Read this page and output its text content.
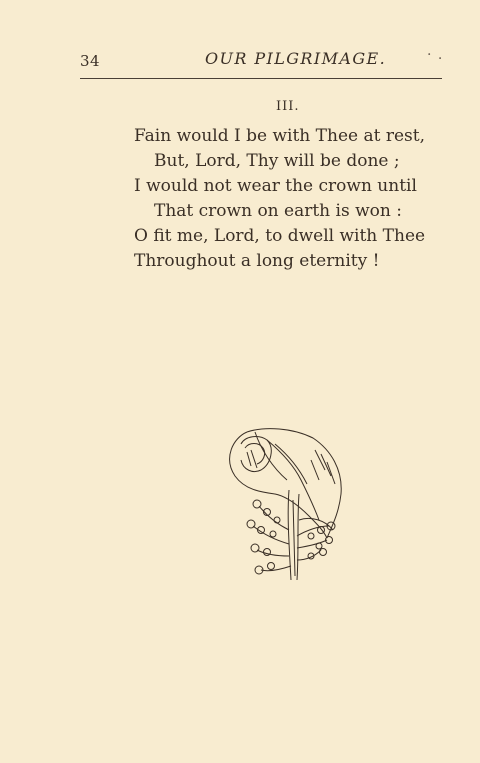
34	OUR PILGRIMAGE.	· .
III.
Fain would I be with Thee at rest,
But, Lord, Thy will be done ;
I would not wear the crown until
That crown on earth is won :
O fit me, Lord, to dwell with Thee
Throughout a long eternity !
